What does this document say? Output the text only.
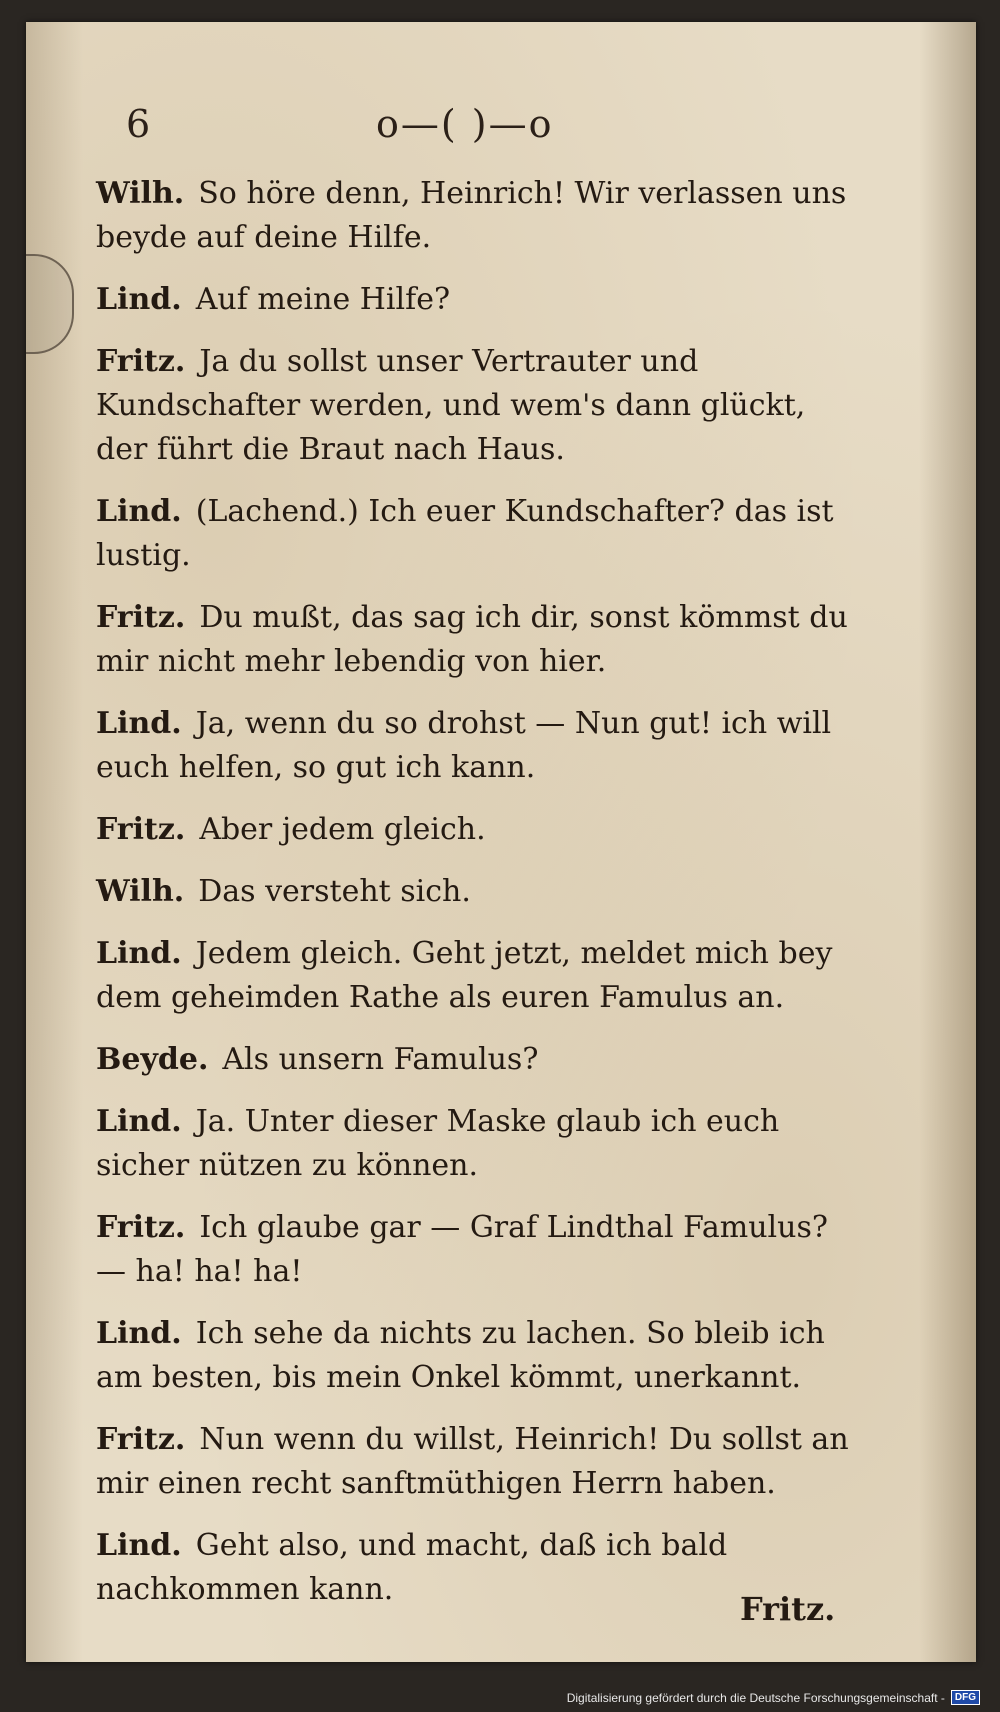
6	o—( )—o
Wilh. So höre denn, Heinrich! Wir verlassen uns beyde auf deine Hilfe.
Lind. Auf meine Hilfe?
Fritz. Ja du sollst unser Vertrauter und Kundschafter werden, und wem's dann glückt, der führt die Braut nach Haus.
Lind. (Lachend.) Ich euer Kundschafter? das ist lustig.
Fritz. Du mußt, das sag ich dir, sonst kömmst du mir nicht mehr lebendig von hier.
Lind. Ja, wenn du so drohst — Nun gut! ich will euch helfen, so gut ich kann.
Fritz. Aber jedem gleich.
Wilh. Das versteht sich.
Lind. Jedem gleich. Geht jetzt, meldet mich bey dem geheimden Rathe als euren Famulus an.
Beyde. Als unsern Famulus?
Lind. Ja. Unter dieser Maske glaub ich euch sicher nützen zu können.
Fritz. Ich glaube gar — Graf Lindthal Famulus? — ha! ha! ha!
Lind. Ich sehe da nichts zu lachen. So bleib ich am besten, bis mein Onkel kömmt, unerkannt.
Fritz. Nun wenn du willst, Heinrich! Du sollst an mir einen recht sanftmüthigen Herrn haben.
Lind. Geht also, und macht, daß ich bald nachkommen kann.
Fritz.
Digitalisierung gefördert durch die Deutsche Forschungsgemeinschaft -	DFG
